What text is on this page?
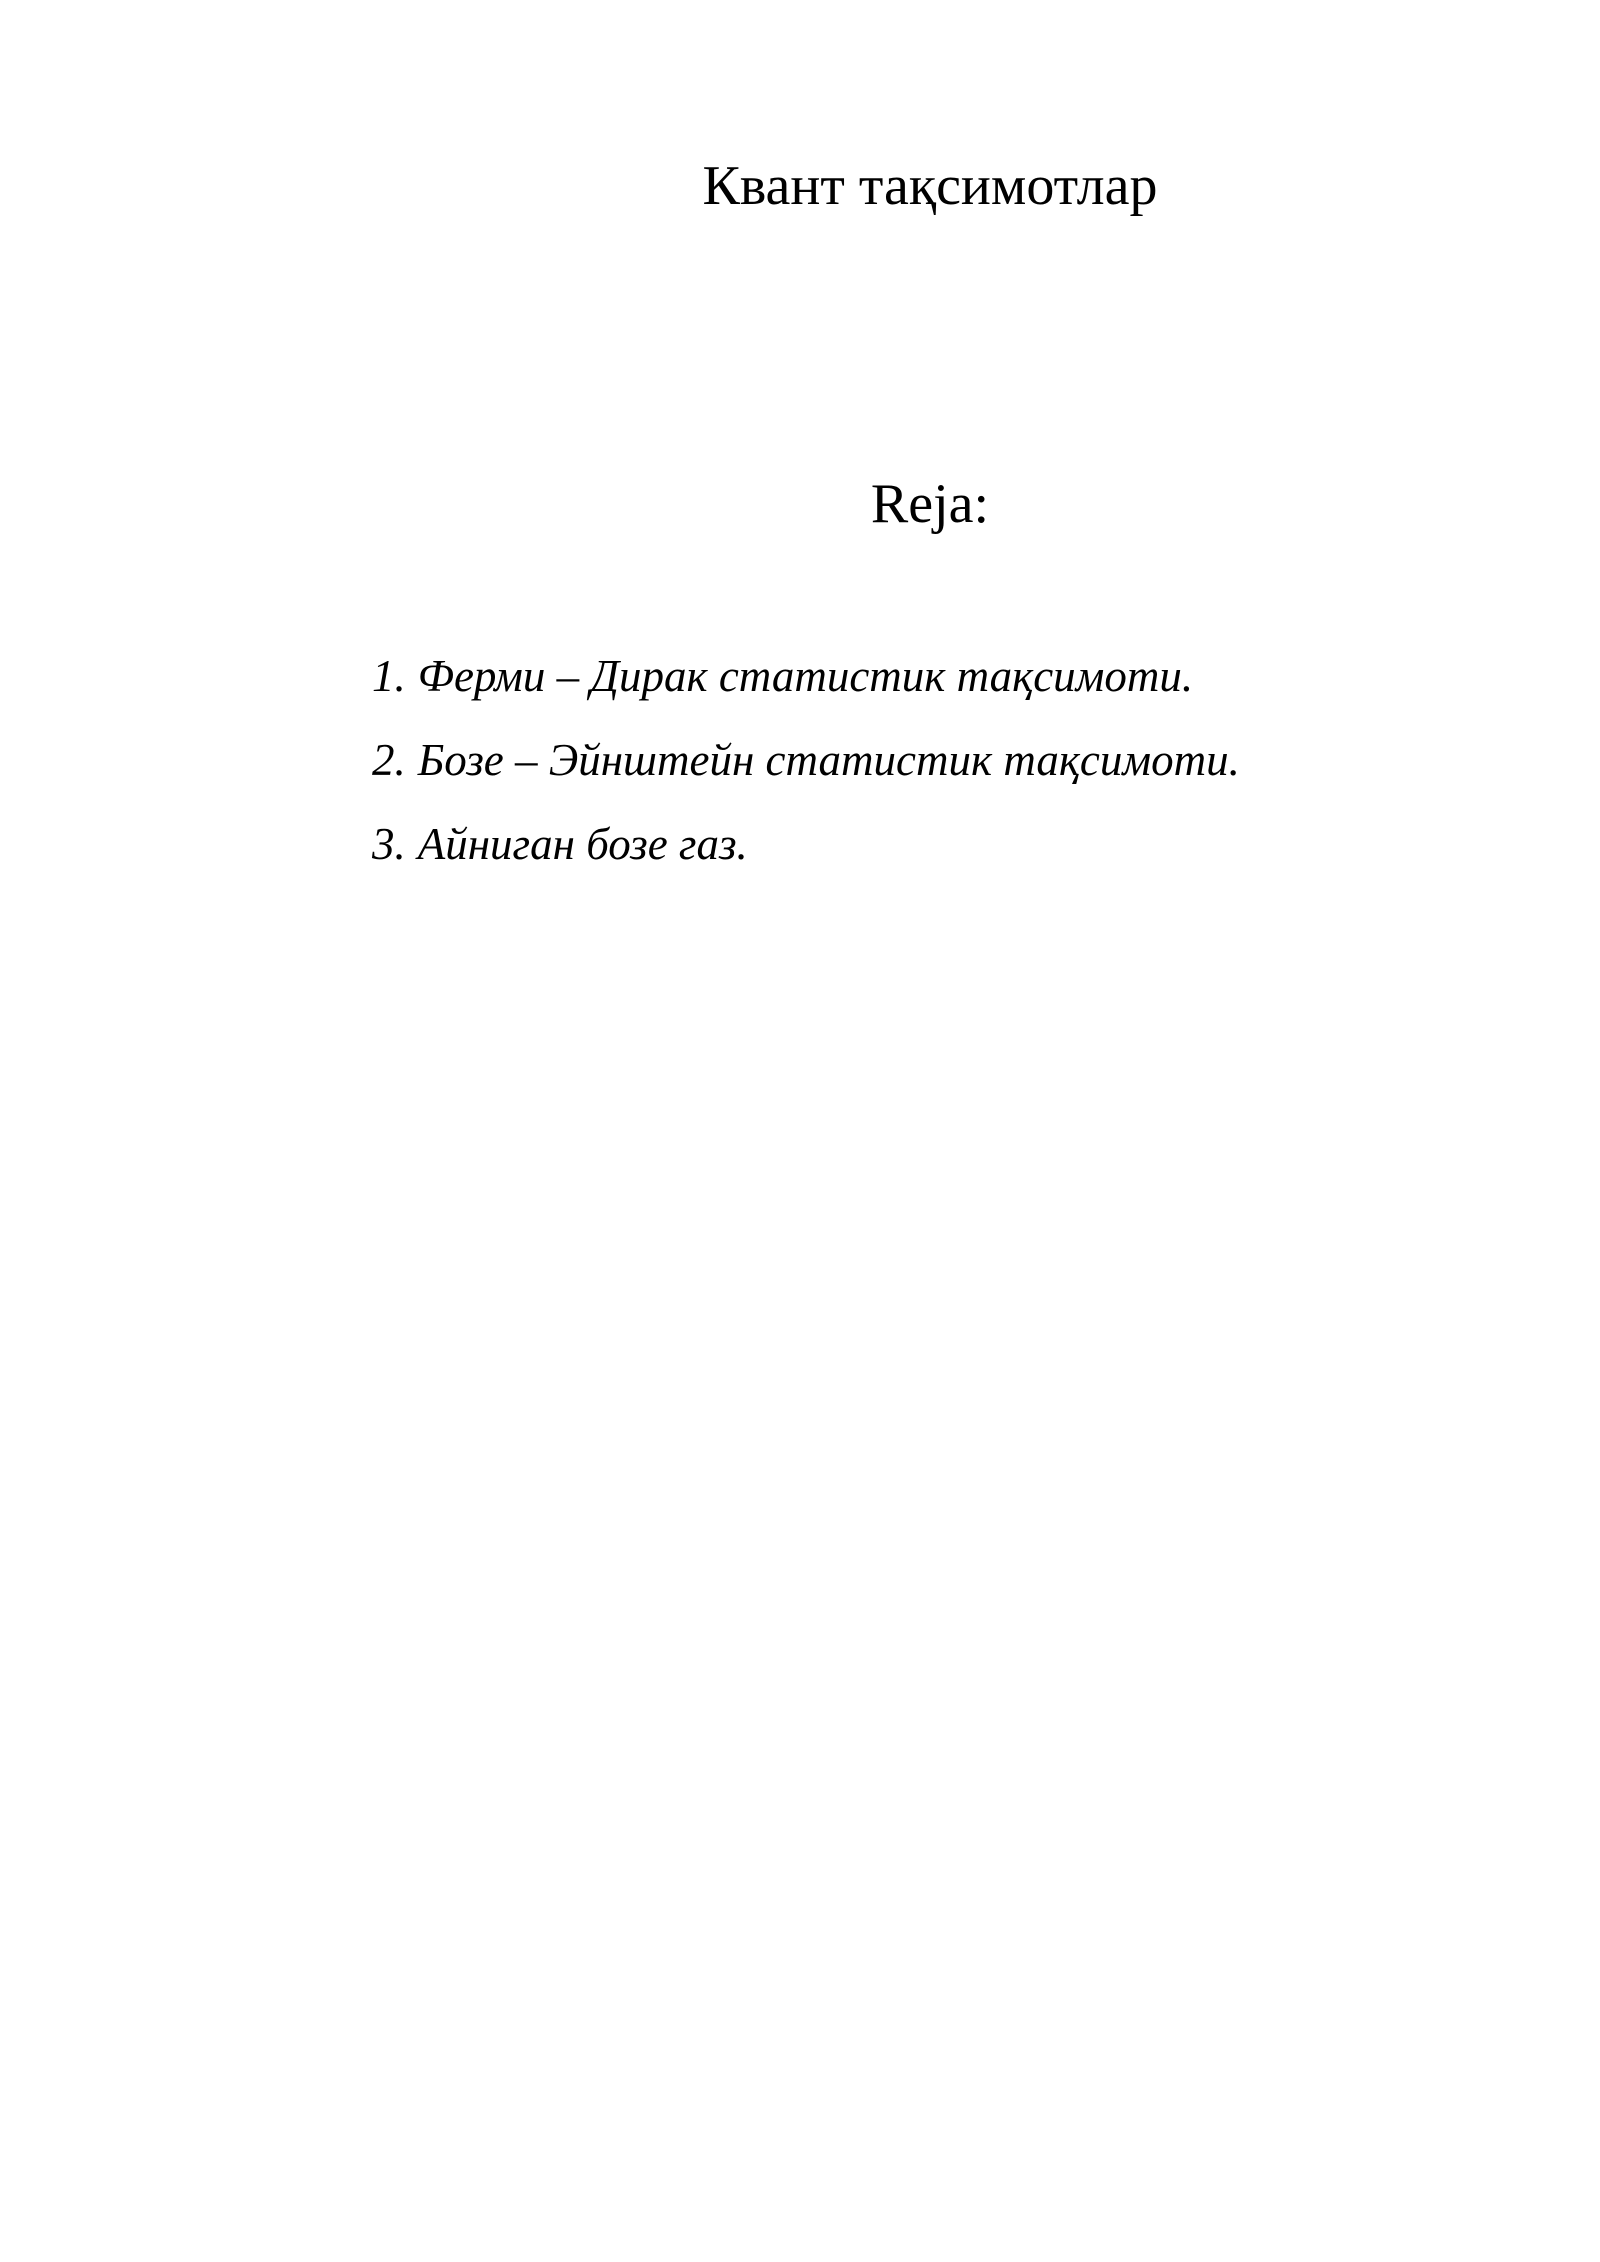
Квант тақсимотлар
Reja:
1. Ферми – Дирак статистик тақсимоти.
2. Бозе – Эйнштейн статистик тақсимоти.
3. Айниган бозе газ.
